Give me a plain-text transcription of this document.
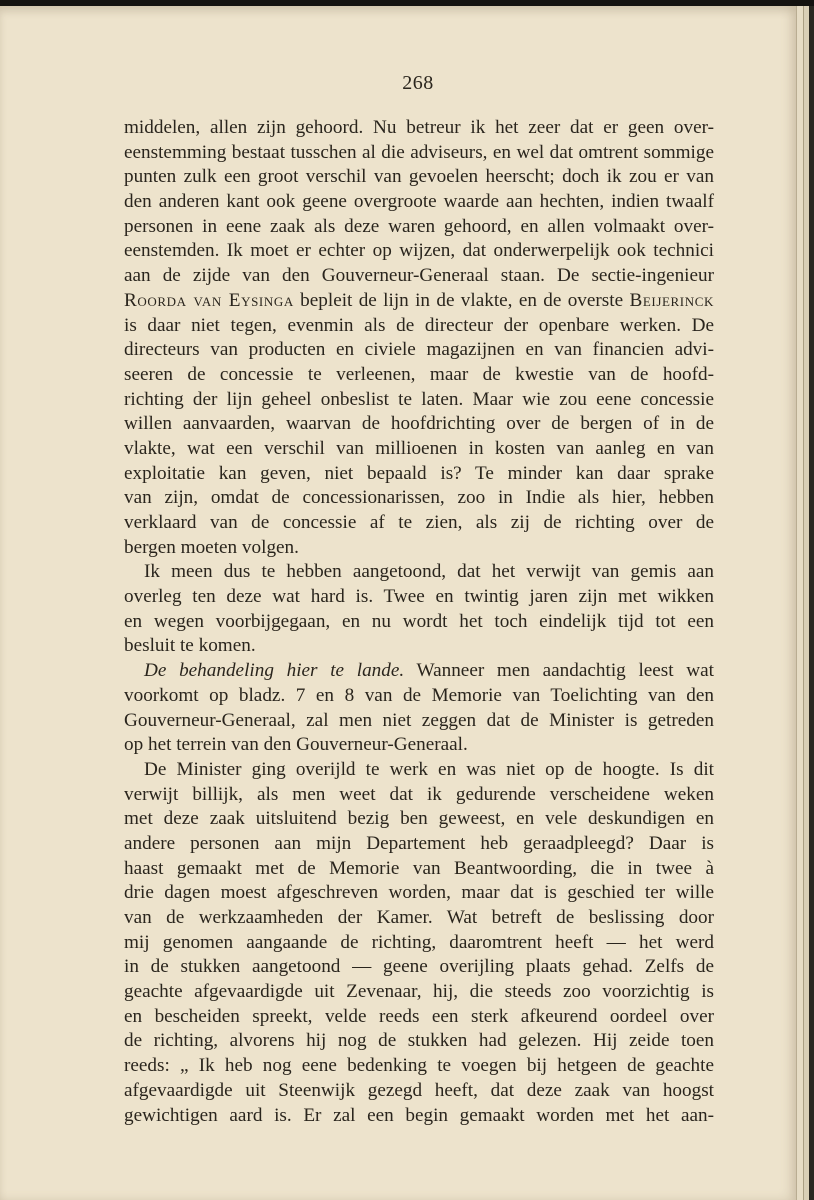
268
middelen, allen zijn gehoord. Nu betreur ik het zeer dat er geen over-
eenstemming bestaat tusschen al die adviseurs, en wel dat omtrent sommige
punten zulk een groot verschil van gevoelen heerscht; doch ik zou er van
den anderen kant ook geene overgroote waarde aan hechten, indien twaalf
personen in eene zaak als deze waren gehoord, en allen volmaakt over-
eenstemden. Ik moet er echter op wijzen, dat onderwerpelijk ook technici
aan de zijde van den Gouverneur-Generaal staan. De sectie-ingenieur
Roorda van Eysinga bepleit de lijn in de vlakte, en de overste Beijerinck
is daar niet tegen, evenmin als de directeur der openbare werken. De
directeurs van producten en civiele magazijnen en van financien advi-
seeren de concessie te verleenen, maar de kwestie van de hoofd-
richting der lijn geheel onbeslist te laten. Maar wie zou eene concessie
willen aanvaarden, waarvan de hoofdrichting over de bergen of in de
vlakte, wat een verschil van millioenen in kosten van aanleg en van
exploitatie kan geven, niet bepaald is? Te minder kan daar sprake
van zijn, omdat de concessionarissen, zoo in Indie als hier, hebben
verklaard van de concessie af te zien, als zij de richting over de
bergen moeten volgen.
Ik meen dus te hebben aangetoond, dat het verwijt van gemis aan
overleg ten deze wat hard is. Twee en twintig jaren zijn met wikken
en wegen voorbijgegaan, en nu wordt het toch eindelijk tijd tot een
besluit te komen.
De behandeling hier te lande. Wanneer men aandachtig leest wat
voorkomt op bladz. 7 en 8 van de Memorie van Toelichting van den
Gouverneur-Generaal, zal men niet zeggen dat de Minister is getreden
op het terrein van den Gouverneur-Generaal.
De Minister ging overijld te werk en was niet op de hoogte. Is dit
verwijt billijk, als men weet dat ik gedurende verscheidene weken
met deze zaak uitsluitend bezig ben geweest, en vele deskundigen en
andere personen aan mijn Departement heb geraadpleegd? Daar is
haast gemaakt met de Memorie van Beantwoording, die in twee à
drie dagen moest afgeschreven worden, maar dat is geschied ter wille
van de werkzaamheden der Kamer. Wat betreft de beslissing door
mij genomen aangaande de richting, daaromtrent heeft — het werd
in de stukken aangetoond — geene overijling plaats gehad. Zelfs de
geachte afgevaardigde uit Zevenaar, hij, die steeds zoo voorzichtig is
en bescheiden spreekt, velde reeds een sterk afkeurend oordeel over
de richting, alvorens hij nog de stukken had gelezen. Hij zeide toen
reeds: „ Ik heb nog eene bedenking te voegen bij hetgeen de geachte
afgevaardigde uit Steenwijk gezegd heeft, dat deze zaak van hoogst
gewichtigen aard is. Er zal een begin gemaakt worden met het aan-
